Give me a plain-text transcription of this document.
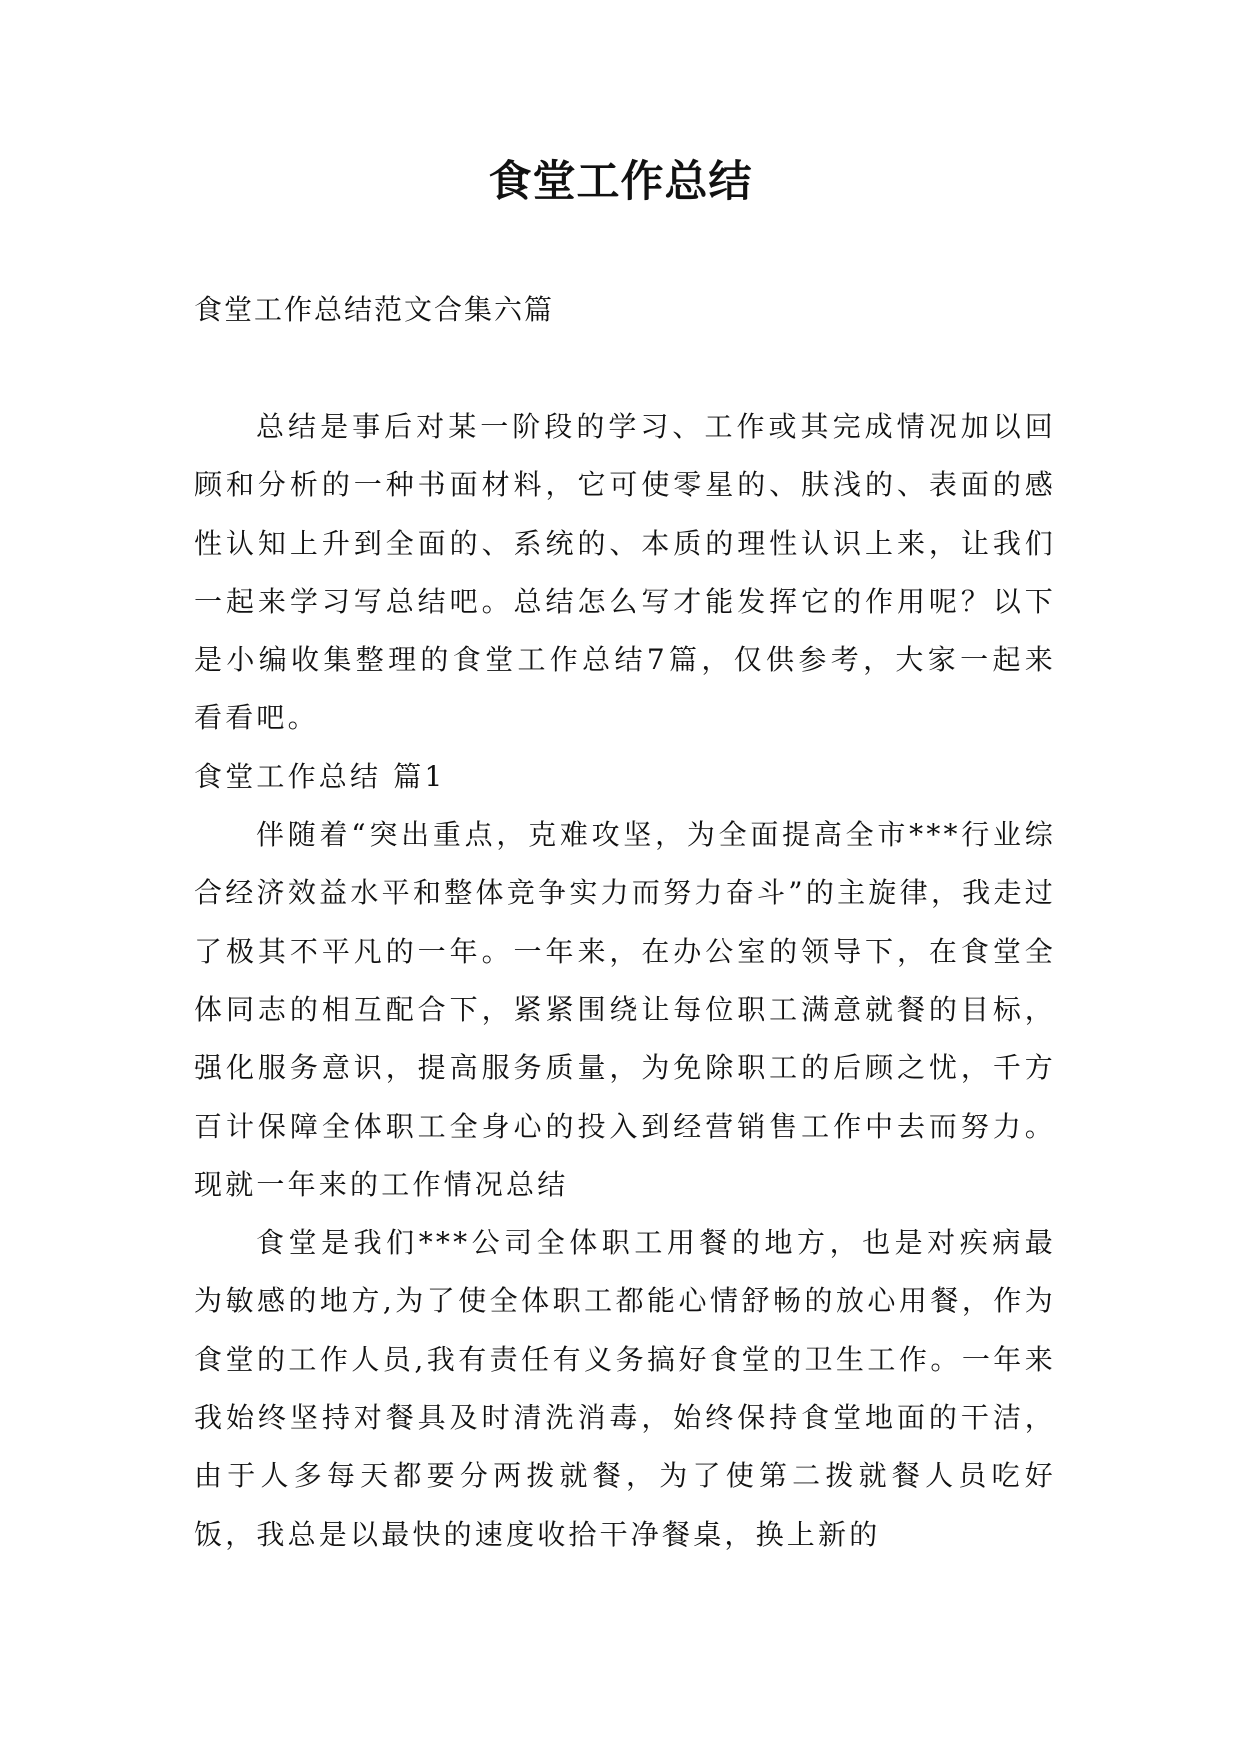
食堂工作总结
食堂工作总结范文合集六篇

总结是事后对某一阶段的学习、工作或其完成情况加以回顾和分析的一种书面材料，它可使零星的、肤浅的、表面的感性认知上升到全面的、系统的、本质的理性认识上来，让我们一起来学习写总结吧。总结怎么写才能发挥它的作用呢？以下是小编收集整理的食堂工作总结7篇，仅供参考，大家一起来看看吧。

食堂工作总结 篇1

伴随着“突出重点，克难攻坚，为全面提高全市***行业综合经济效益水平和整体竞争实力而努力奋斗”的主旋律，我走过了极其不平凡的一年。一年来，在办公室的领导下，在食堂全体同志的相互配合下，紧紧围绕让每位职工满意就餐的目标，强化服务意识，提高服务质量，为免除职工的后顾之忧，千方百计保障全体职工全身心的投入到经营销售工作中去而努力。现就一年来的工作情况总结

食堂是我们***公司全体职工用餐的地方，也是对疾病最为敏感的地方,为了使全体职工都能心情舒畅的放心用餐，作为食堂的工作人员,我有责任有义务搞好食堂的卫生工作。一年来我始终坚持对餐具及时清洗消毒，始终保持食堂地面的干洁，由于人多每天都要分两拨就餐，为了使第二拨就餐人员吃好饭，我总是以最快的速度收拾干净餐桌，换上新的
